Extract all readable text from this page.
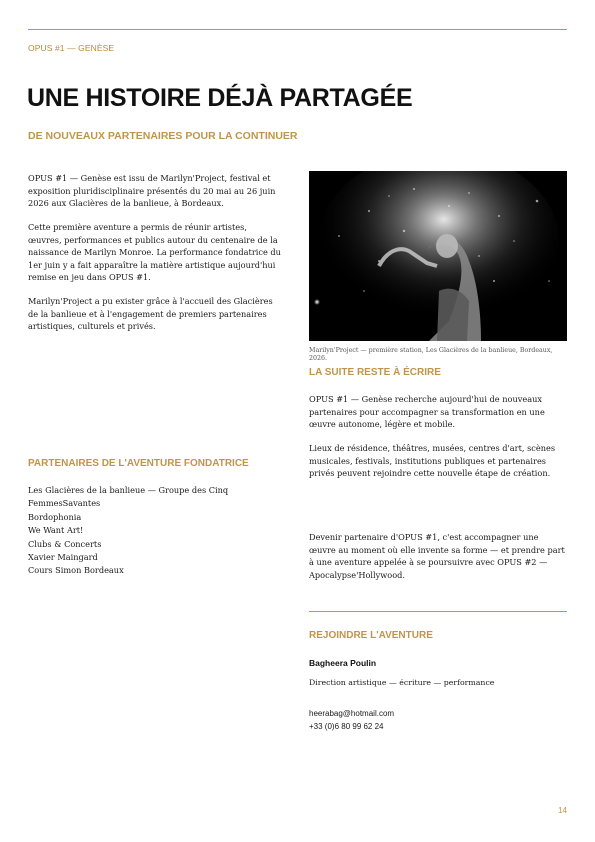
OPUS #1 — GENÈSE
UNE HISTOIRE DÉJÀ PARTAGÉE
DE NOUVEAUX PARTENAIRES POUR LA CONTINUER

OPUS #1 — Genèse est issu de Marilyn'Project, festival et exposition pluridisciplinaire présentés du 20 mai au 26 juin 2026 aux Glacières de la banlieue, à Bordeaux.

Cette première aventure a permis de réunir artistes, œuvres, performances et publics autour du centenaire de la naissance de Marilyn Monroe. La performance fondatrice du 1er juin y a fait apparaître la matière artistique aujourd'hui remise en jeu dans OPUS #1.

Marilyn'Project a pu exister grâce à l'accueil des Glacières de la banlieue et à l'engagement de premiers partenaires artistiques, culturels et privés.

Marilyn'Project — première station, Les Glacières de la banlieue, Bordeaux, 2026.

LA SUITE RESTE À ÉCRIRE

OPUS #1 — Genèse recherche aujourd'hui de nouveaux partenaires pour accompagner sa transformation en une œuvre autonome, légère et mobile.

Lieux de résidence, théâtres, musées, centres d'art, scènes musicales, festivals, institutions publiques et partenaires privés peuvent rejoindre cette nouvelle étape de création.

Devenir partenaire d'OPUS #1, c'est accompagner une œuvre au moment où elle invente sa forme — et prendre part à une aventure appelée à se poursuivre avec OPUS #2 — Apocalypse'Hollywood.

PARTENAIRES DE L'AVENTURE FONDATRICE
Les Glacières de la banlieue — Groupe des Cinq
FemmesSavantes
Bordophonia
We Want Art!
Clubs & Concerts
Xavier Maingard
Cours Simon Bordeaux
REJOINDRE L'AVENTURE

Bagheera Poulin

Direction artistique — écriture — performance

heerabag@hotmail.com

+33 (0)6 80 99 62 24

14
